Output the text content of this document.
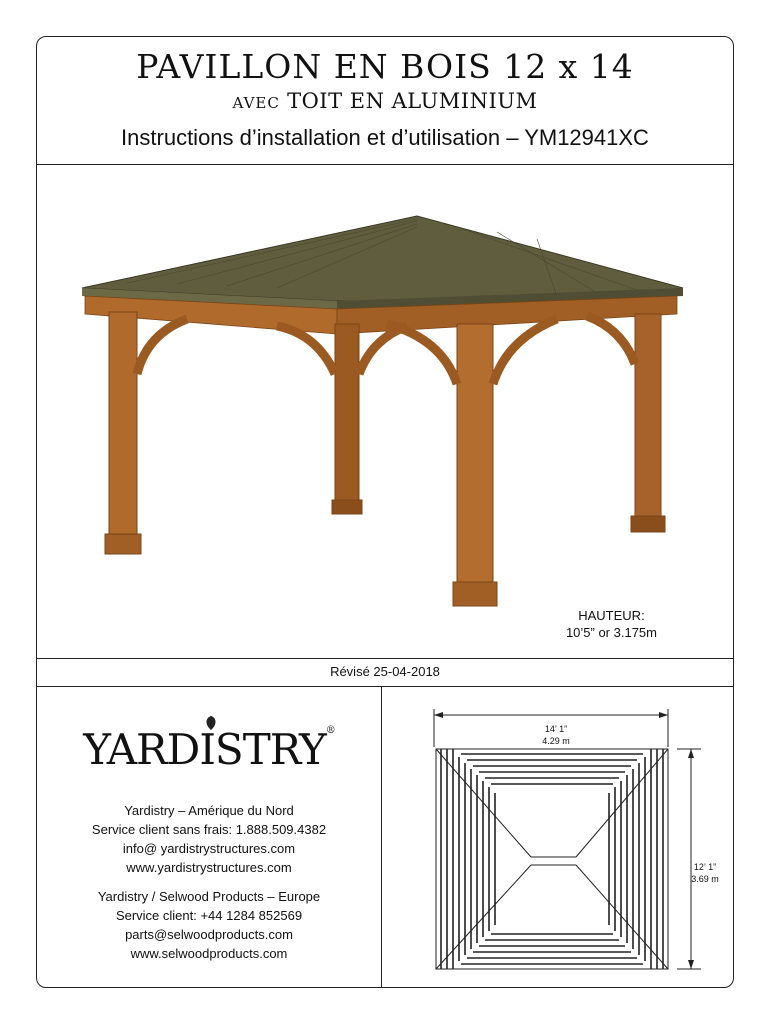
PAVILLON EN BOIS 12 x 14
AVEC TOIT EN ALUMINIUM
Instructions d’installation et d’utilisation – YM12941XC
HAUTEUR:
10’5” or 3.175m
Révisé 25-04-2018
YARDISTRY®
Yardistry – Amérique du Nord
Service client sans frais: 1.888.509.4382
info@ yardistrystructures.com
www.yardistrystructures.com
Yardistry / Selwood Products – Europe
Service client: +44 1284 852569
parts@selwoodproducts.com
www.selwoodproducts.com
14’ 1”
4.29 m
12’ 1”
3.69 m
